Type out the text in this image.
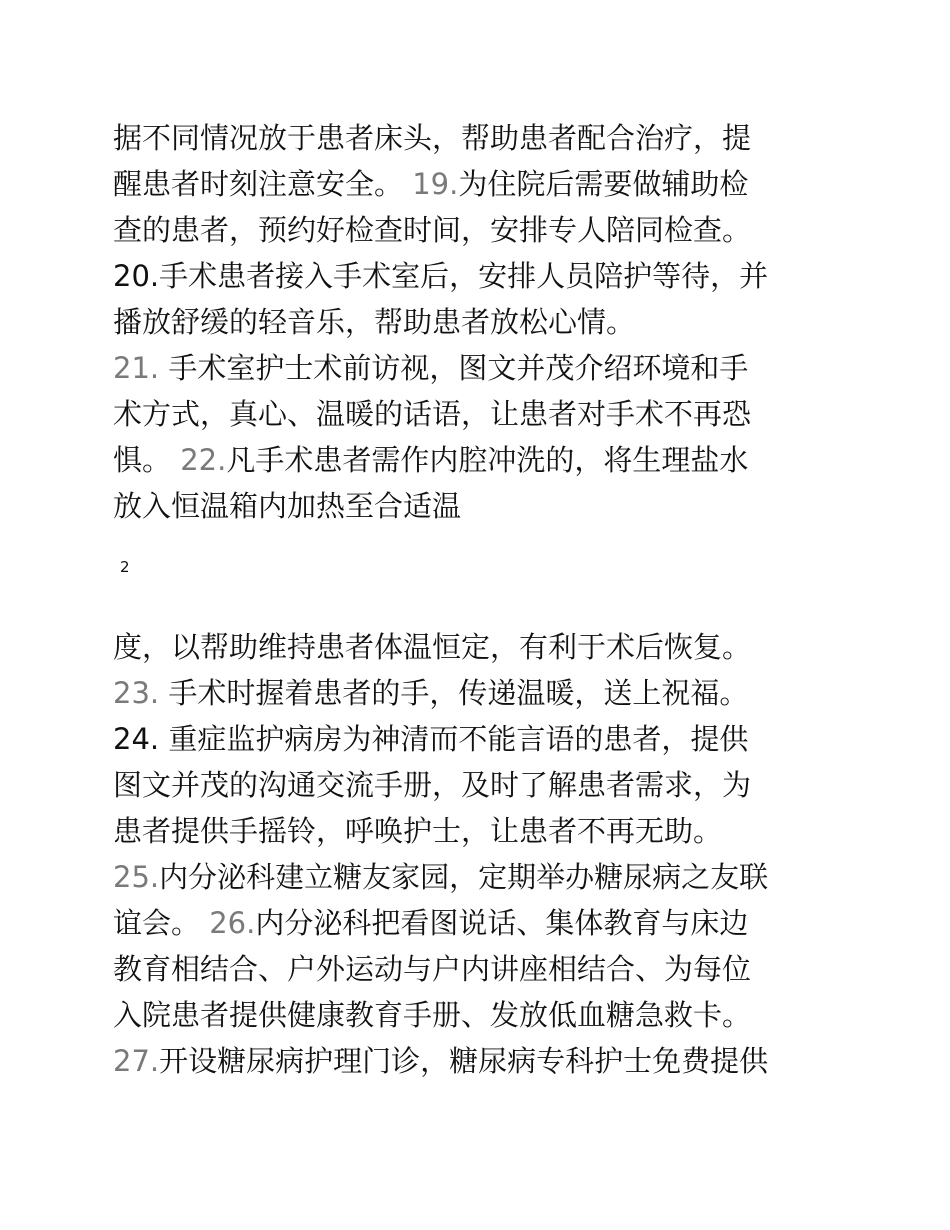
据不同情况放于患者床头，帮助患者配合治疗，提
醒患者时刻注意安全。 19.为住院后需要做辅助检
查的患者，预约好检查时间，安排专人陪同检查。
20.手术患者接入手术室后，安排人员陪护等待，并
播放舒缓的轻音乐，帮助患者放松心情。
21. 手术室护士术前访视，图文并茂介绍环境和手
术方式，真心、温暖的话语，让患者对手术不再恐
惧。 22.凡手术患者需作内腔冲洗的，将生理盐水
放入恒温箱内加热至合适温
2
度，以帮助维持患者体温恒定，有利于术后恢复。
23. 手术时握着患者的手，传递温暖，送上祝福。
24. 重症监护病房为神清而不能言语的患者，提供
图文并茂的沟通交流手册，及时了解患者需求，为
患者提供手摇铃，呼唤护士，让患者不再无助。
25.内分泌科建立糖友家园，定期举办糖尿病之友联
谊会。 26.内分泌科把看图说话、集体教育与床边
教育相结合、户外运动与户内讲座相结合、为每位
入院患者提供健康教育手册、发放低血糖急救卡。
27.开设糖尿病护理门诊，糖尿病专科护士免费提供
